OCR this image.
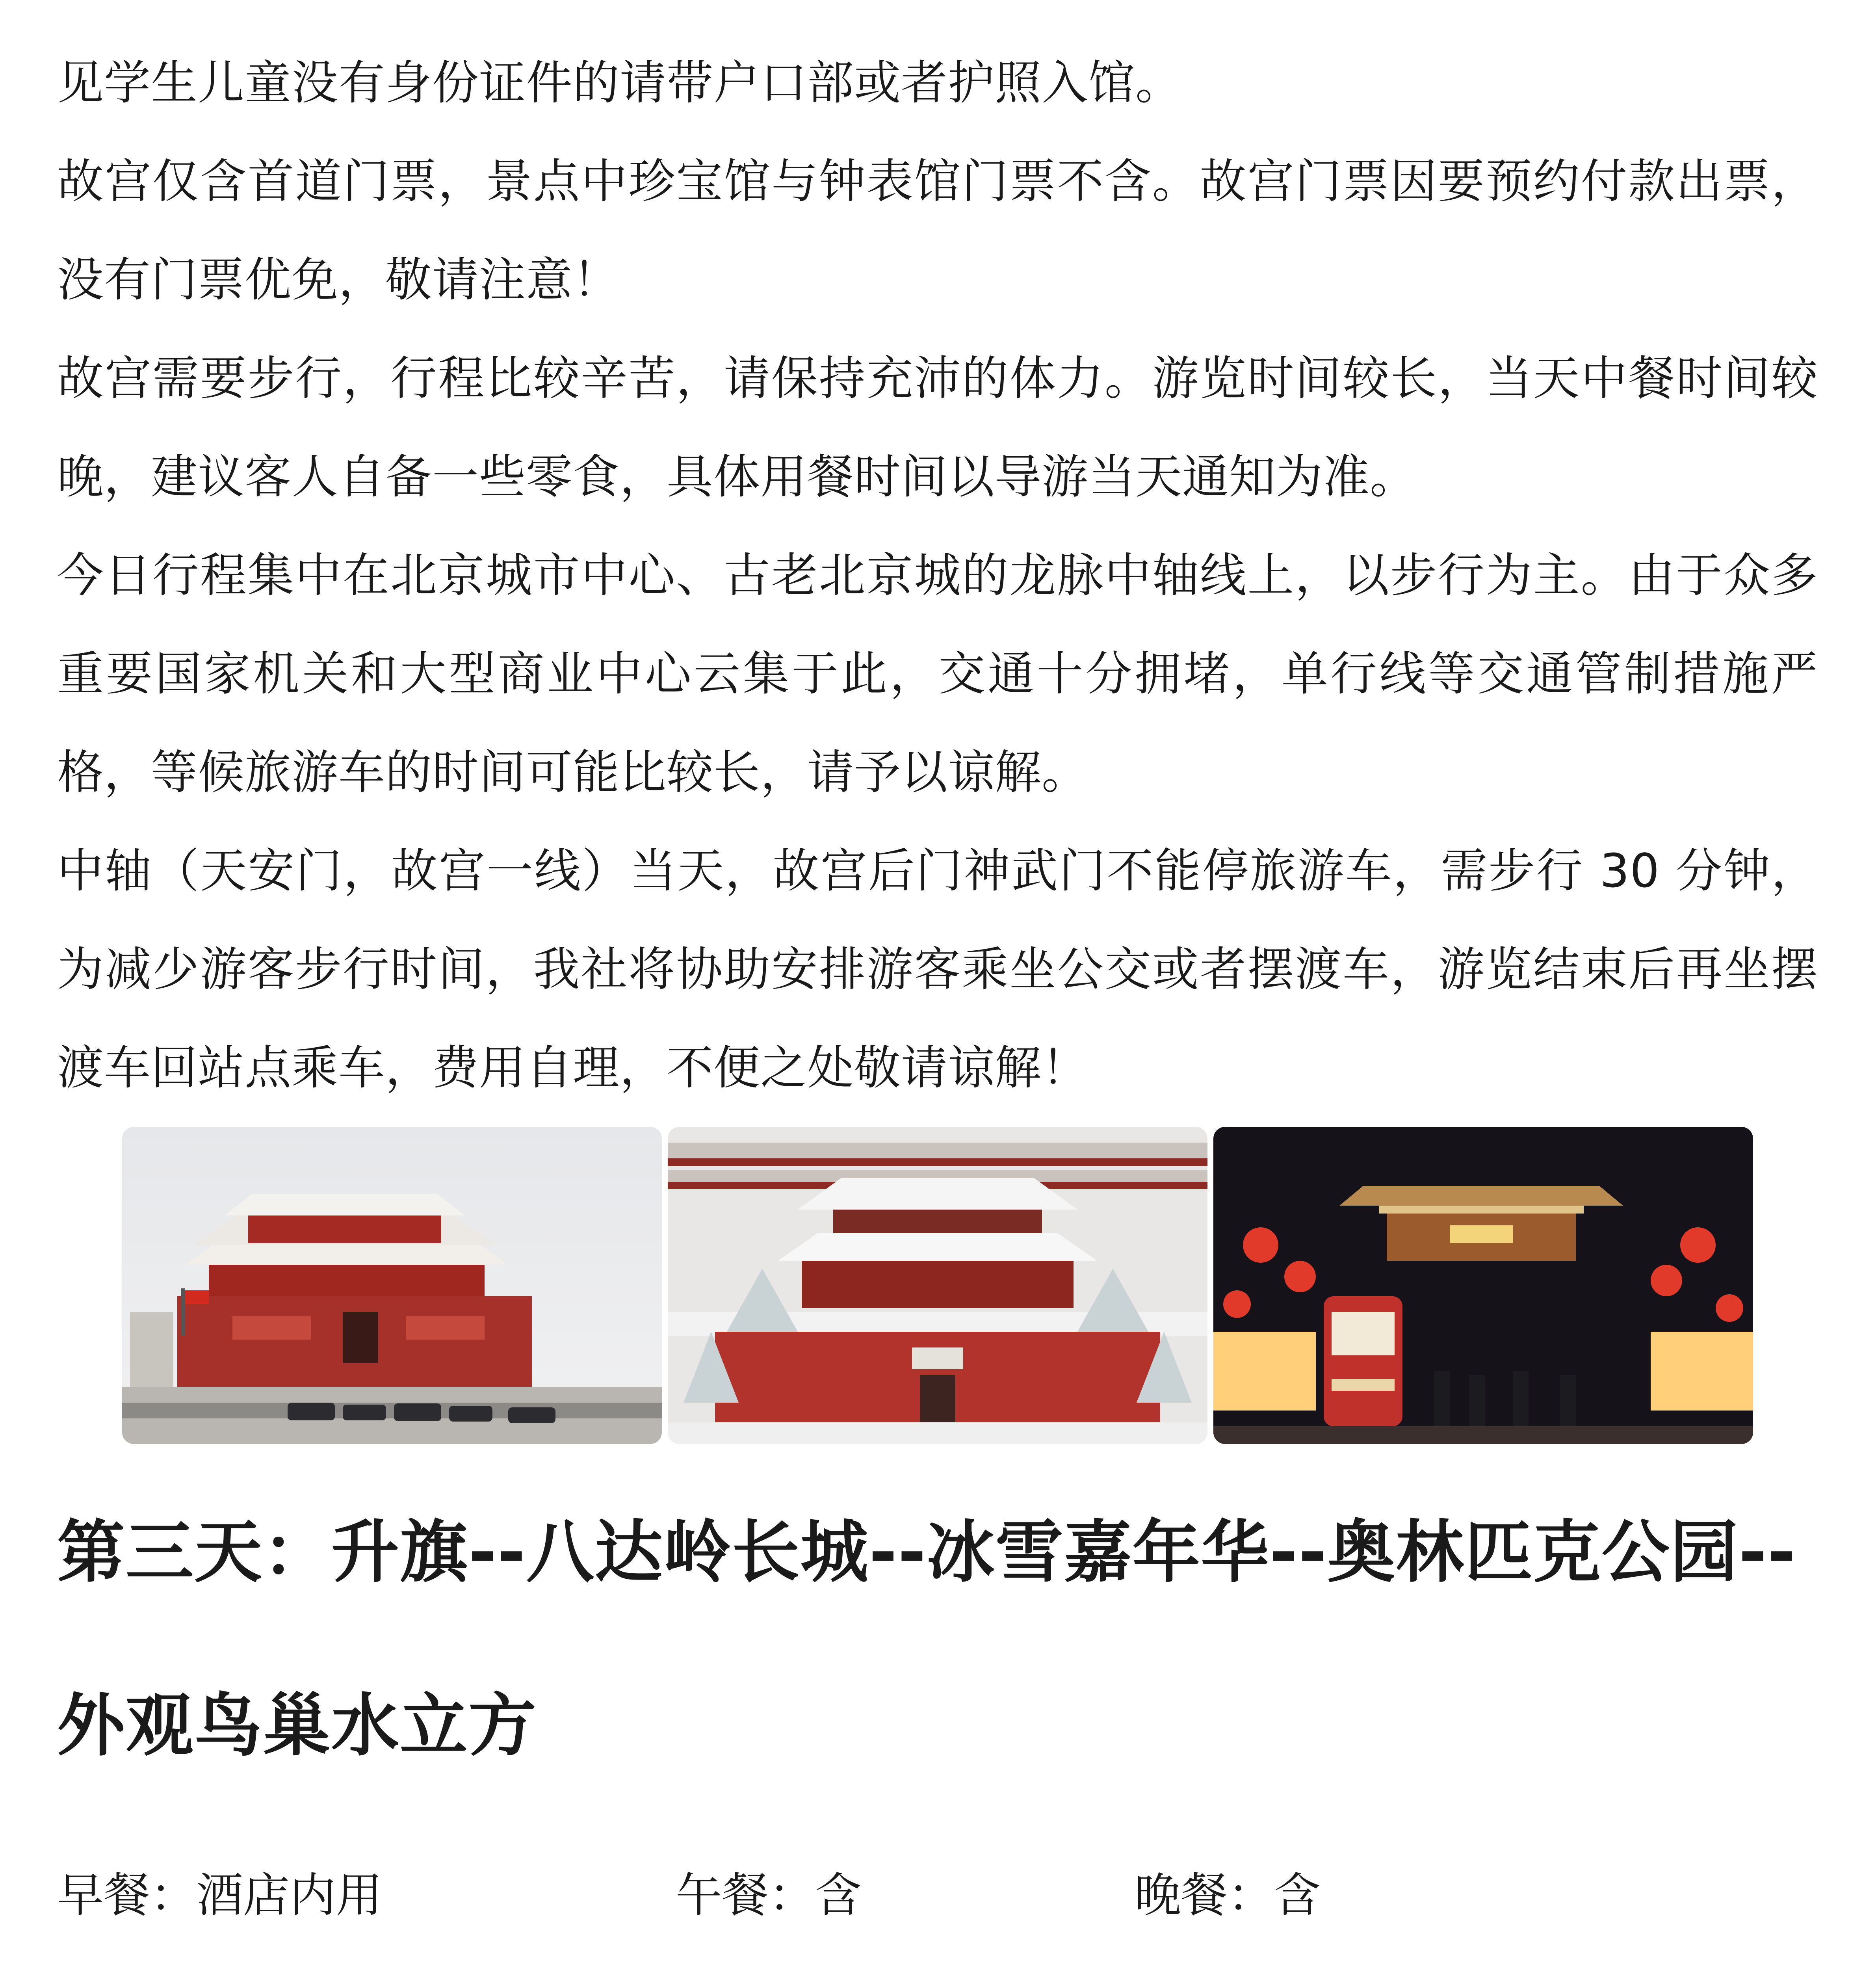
见学生儿童没有身份证件的请带户口部或者护照入馆。

故宫仅含首道门票，景点中珍宝馆与钟表馆门票不含。故宫门票因要预约付款出票，没有门票优免，敬请注意！

故宫需要步行，行程比较辛苦，请保持充沛的体力。游览时间较长，当天中餐时间较晚，建议客人自备一些零食，具体用餐时间以导游当天通知为准。

今日行程集中在北京城市中心、古老北京城的龙脉中轴线上，以步行为主。由于众多重要国家机关和大型商业中心云集于此，交通十分拥堵，单行线等交通管制措施严格，等候旅游车的时间可能比较长，请予以谅解。

中轴（天安门，故宫一线）当天，故宫后门神武门不能停旅游车，需步行 30 分钟，为减少游客步行时间，我社将协助安排游客乘坐公交或者摆渡车，游览结束后再坐摆渡车回站点乘车，费用自理，不便之处敬请谅解！

第三天：升旗--八达岭长城--冰雪嘉年华--奥林匹克公园--外观鸟巢水立方
早餐：酒店内用	午餐：含	晚餐：含
